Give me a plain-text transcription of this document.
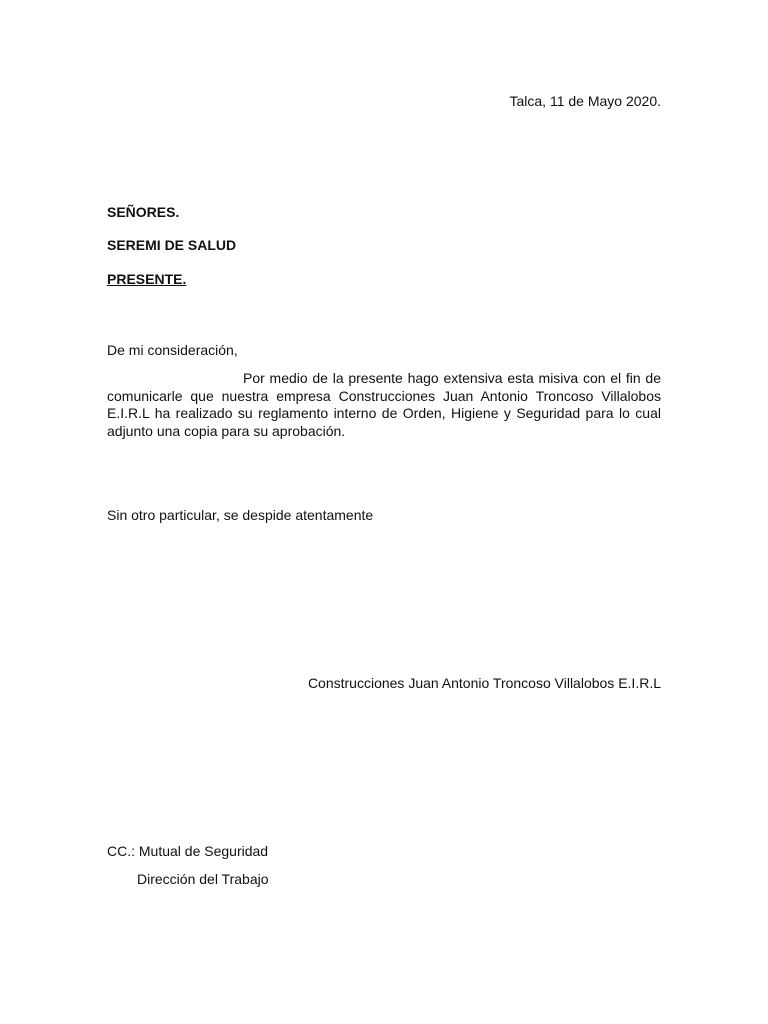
Talca, 11 de Mayo 2020.
SEÑORES.
SEREMI DE SALUD
PRESENTE.
De mi consideración,
Por medio de la presente hago extensiva esta misiva con el fin de comunicarle que nuestra empresa Construcciones Juan Antonio Troncoso Villalobos E.I.R.L ha realizado su reglamento interno de Orden, Higiene y Seguridad para lo cual adjunto una copia para su aprobación.
Sin otro particular, se despide atentamente
Construcciones Juan Antonio Troncoso Villalobos E.I.R.L
CC.: Mutual de Seguridad
Dirección del Trabajo
